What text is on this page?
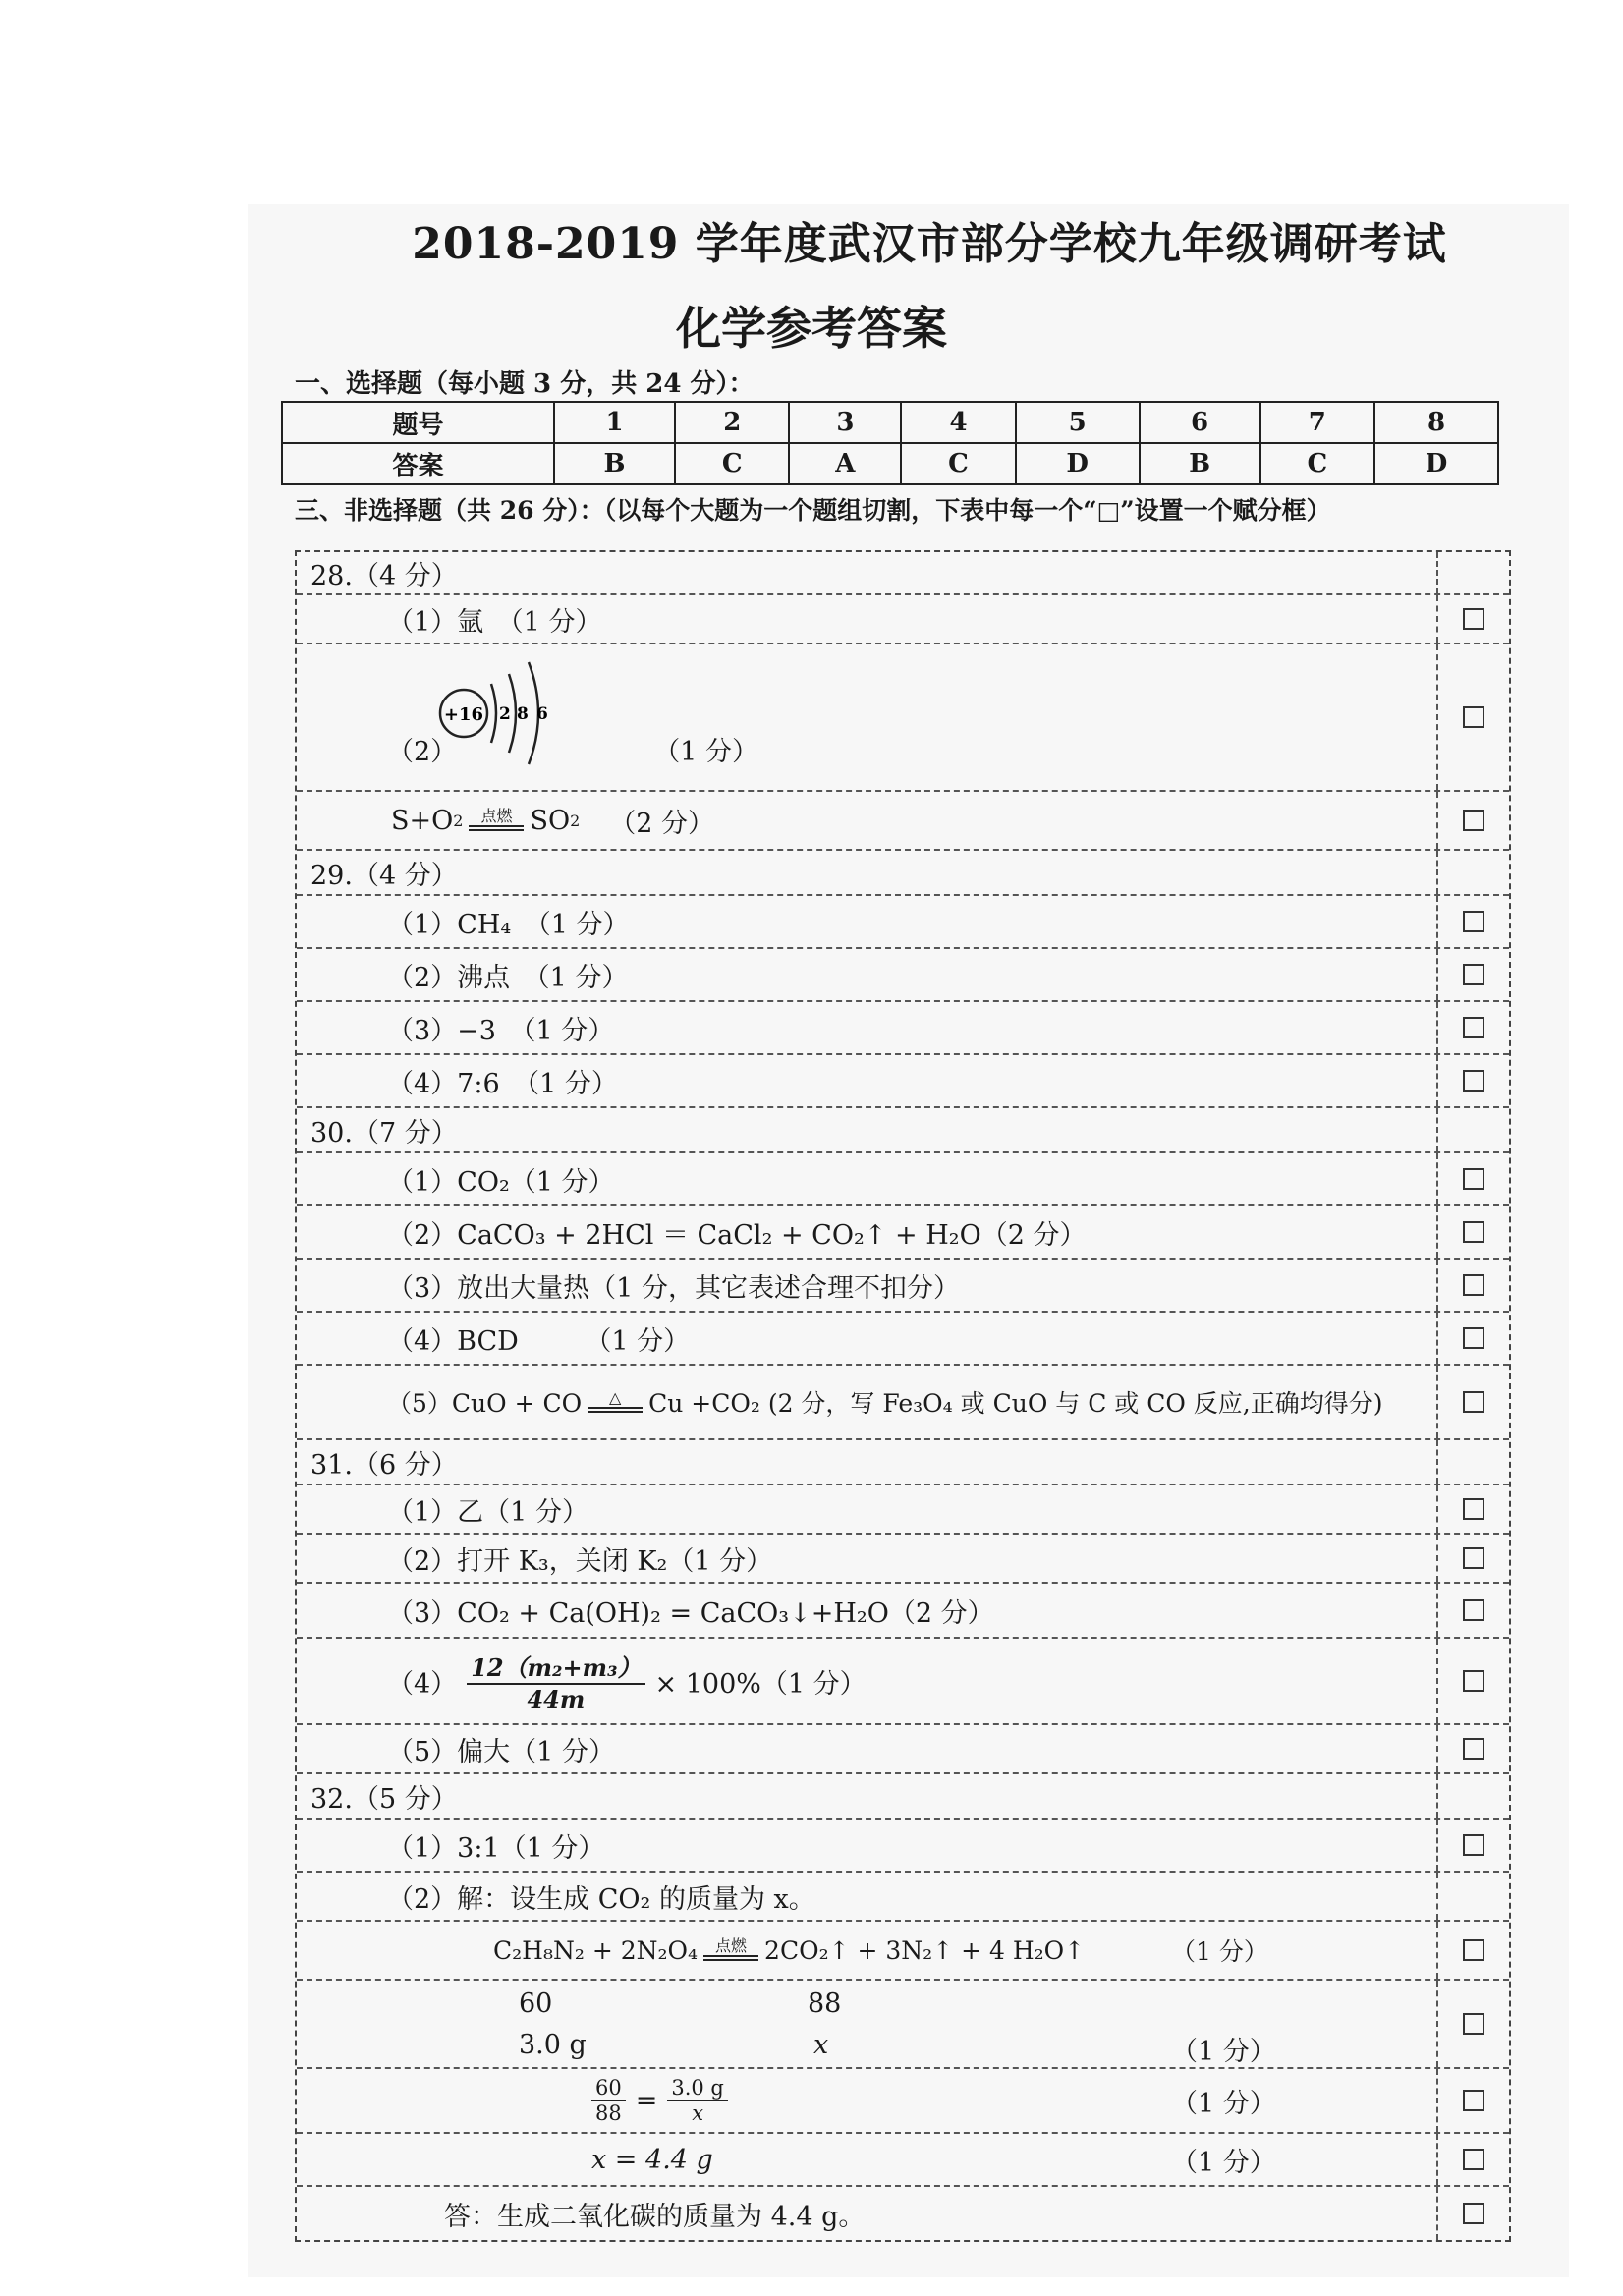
2018-2019 学年度武汉市部分学校九年级调研考试
化学参考答案
一、选择题（每小题 3 分，共 24 分）：
题号	1	2	3	4	5	6	7	8
答案	B	C	A	C	D	B	C	D
三、非选择题（共 26 分）：（以每个大题为一个题组切割，下表中每一个“□”设置一个赋分框）
28.（4 分）
（1）氩　（1 分）
（2）
+16 2 8 6
（1 分）
S+O 2 点燃 SO 2 （2 分）
29.（4 分）
（1）CH₄　（1 分）
（2）沸点　（1 分）
（3）−3　（1 分）
（4）7:6　（1 分）
30.（7 分）
（1）CO₂（1 分）
（2）CaCO₃ + 2HCl ＝ CaCl₂ + CO₂↑ + H₂O（2 分）
（3）放出大量热（1 分，其它表述合理不扣分）
（4）BCD　　　（1 分）
（5）CuO + CO △ Cu +CO₂ (2 分，写 Fe₃O₄ 或 CuO 与 C 或 CO 反应,正确均得分)
31.（6 分）
（1）乙（1 分）
（2）打开 K₃，关闭 K₂（1 分）
（3）CO₂ + Ca(OH)₂ = CaCO₃↓+H₂O（2 分）
$(4) \frac{\text{12（m₂+m₃）}}{44m} \times 100\%(1$ 分）
（5）偏大（1 分）
32.（5 分）
（1）3:1（1 分）
（2）解：设生成 CO₂ 的质量为 x。
C₂H₈N₂ + 2N₂O₄ 点燃 2CO₂↑ + 3N₂↑ + 4 H₂O↑	（1 分）
60	88
3.0 g	x	（1 分）
$\frac{60}{88} = \frac{3.0 g}{x}$	（1 分）
x = 4.4 g	（1 分）
答：生成二氧化碳的质量为 4.4 g。
